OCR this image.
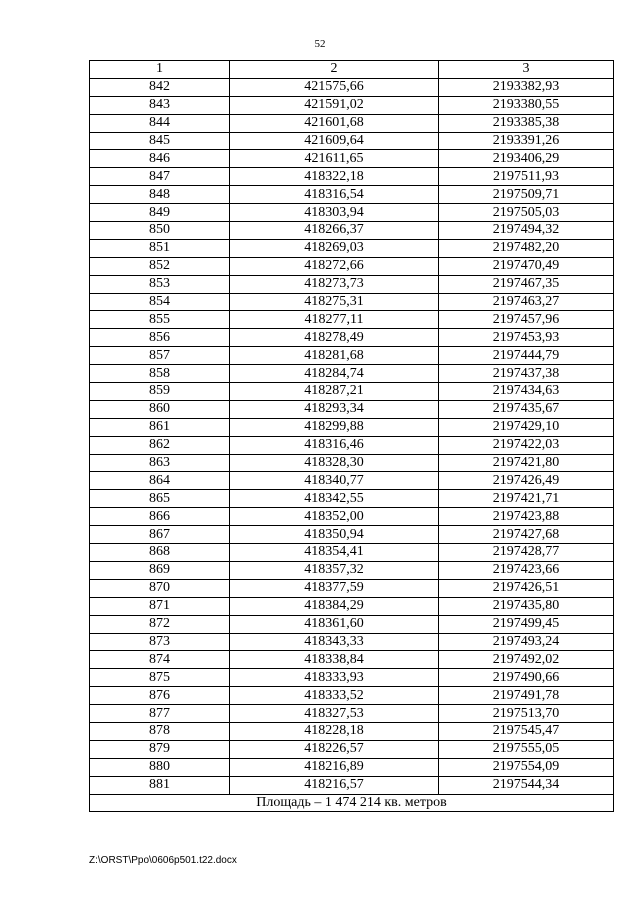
52
1	2	3
842	421575,66	2193382,93
843	421591,02	2193380,55
844	421601,68	2193385,38
845	421609,64	2193391,26
846	421611,65	2193406,29
847	418322,18	2197511,93
848	418316,54	2197509,71
849	418303,94	2197505,03
850	418266,37	2197494,32
851	418269,03	2197482,20
852	418272,66	2197470,49
853	418273,73	2197467,35
854	418275,31	2197463,27
855	418277,11	2197457,96
856	418278,49	2197453,93
857	418281,68	2197444,79
858	418284,74	2197437,38
859	418287,21	2197434,63
860	418293,34	2197435,67
861	418299,88	2197429,10
862	418316,46	2197422,03
863	418328,30	2197421,80
864	418340,77	2197426,49
865	418342,55	2197421,71
866	418352,00	2197423,88
867	418350,94	2197427,68
868	418354,41	2197428,77
869	418357,32	2197423,66
870	418377,59	2197426,51
871	418384,29	2197435,80
872	418361,60	2197499,45
873	418343,33	2197493,24
874	418338,84	2197492,02
875	418333,93	2197490,66
876	418333,52	2197491,78
877	418327,53	2197513,70
878	418228,18	2197545,47
879	418226,57	2197555,05
880	418216,89	2197554,09
881	418216,57	2197544,34
Площадь – 1 474 214 кв. метров		
Z:\ORST\Ppo\0606p501.t22.docx
